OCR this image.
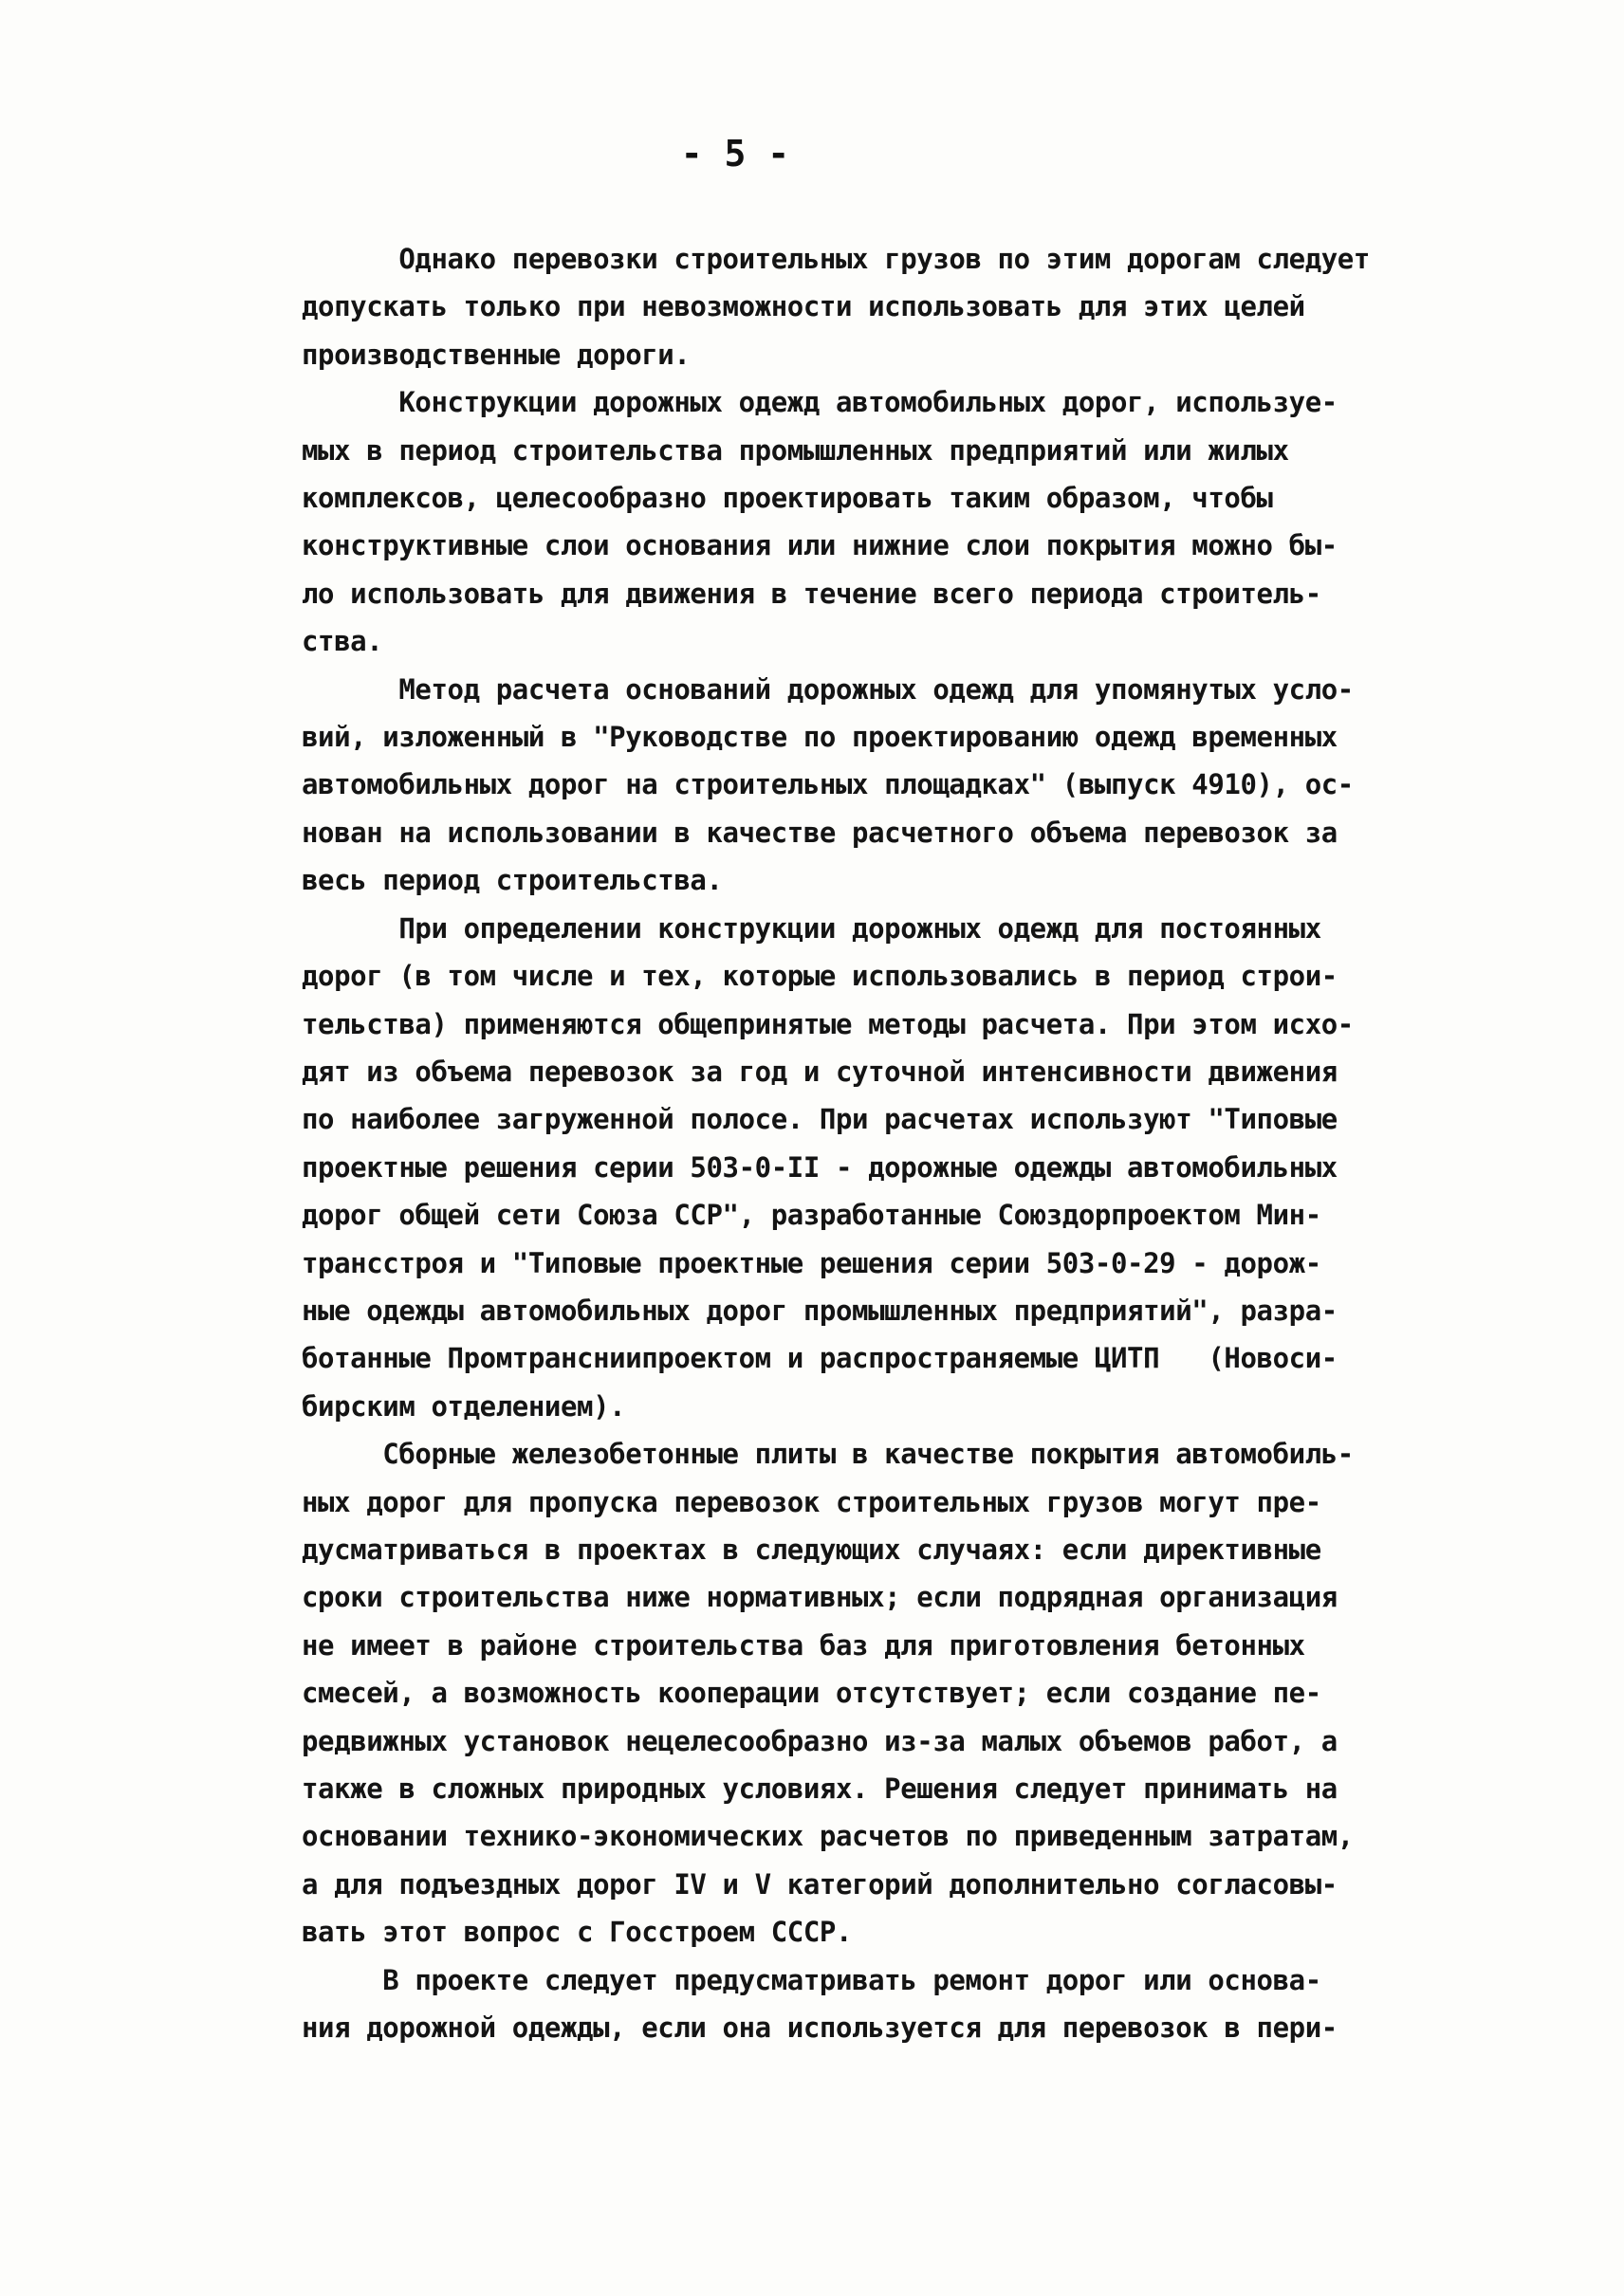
- 5 -
Однако перевозки строительных грузов по этим дорогам следует
допускать только при невозможности использовать для этих целей
производственные дороги.
Конструкции дорожных одежд автомобильных дорог, используе-
мых в период строительства промышленных предприятий или жилых
комплексов, целесообразно проектировать таким образом, чтобы
конструктивные слои основания или нижние слои покрытия можно бы-
ло использовать для движения в течение всего периода строитель-
ства.
Метод расчета оснований дорожных одежд для упомянутых усло-
вий, изложенный в "Руководстве по проектированию одежд временных
автомобильных дорог на строительных площадках" (выпуск 4910), ос-
нован на использовании в качестве расчетного объема перевозок за
весь период строительства.
При определении конструкции дорожных одежд для постоянных
дорог (в том числе и тех, которые использовались в период строи-
тельства) применяются общепринятые методы расчета. При этом исхо-
дят из объема перевозок за год и суточной интенсивности движения
по наиболее загруженной полосе. При расчетах используют "Типовые
проектные решения серии 503-0-II - дорожные одежды автомобильных
дорог общей сети Союза ССР", разработанные Союздорпроектом Мин-
трансстроя и "Типовые проектные решения серии 503-0-29 - дорож-
ные одежды автомобильных дорог промышленных предприятий", разра-
ботанные Промтрансниипроектом и распространяемые ЦИТП   (Новоси-
бирским отделением).
Сборные железобетонные плиты в качестве покрытия автомобиль-
ных дорог для пропуска перевозок строительных грузов могут пре-
дусматриваться в проектах в следующих случаях: если директивные
сроки строительства ниже нормативных; если подрядная организация
не имеет в районе строительства баз для приготовления бетонных
смесей, а возможность кооперации отсутствует; если создание пе-
редвижных установок нецелесообразно из-за малых объемов работ, а
также в сложных природных условиях. Решения следует принимать на
основании технико-экономических расчетов по приведенным затратам,
а для подъездных дорог IV и V категорий дополнительно согласовы-
вать этот вопрос с Госстроем СССР.
В проекте следует предусматривать ремонт дорог или основа-
ния дорожной одежды, если она используется для перевозок в пери-
